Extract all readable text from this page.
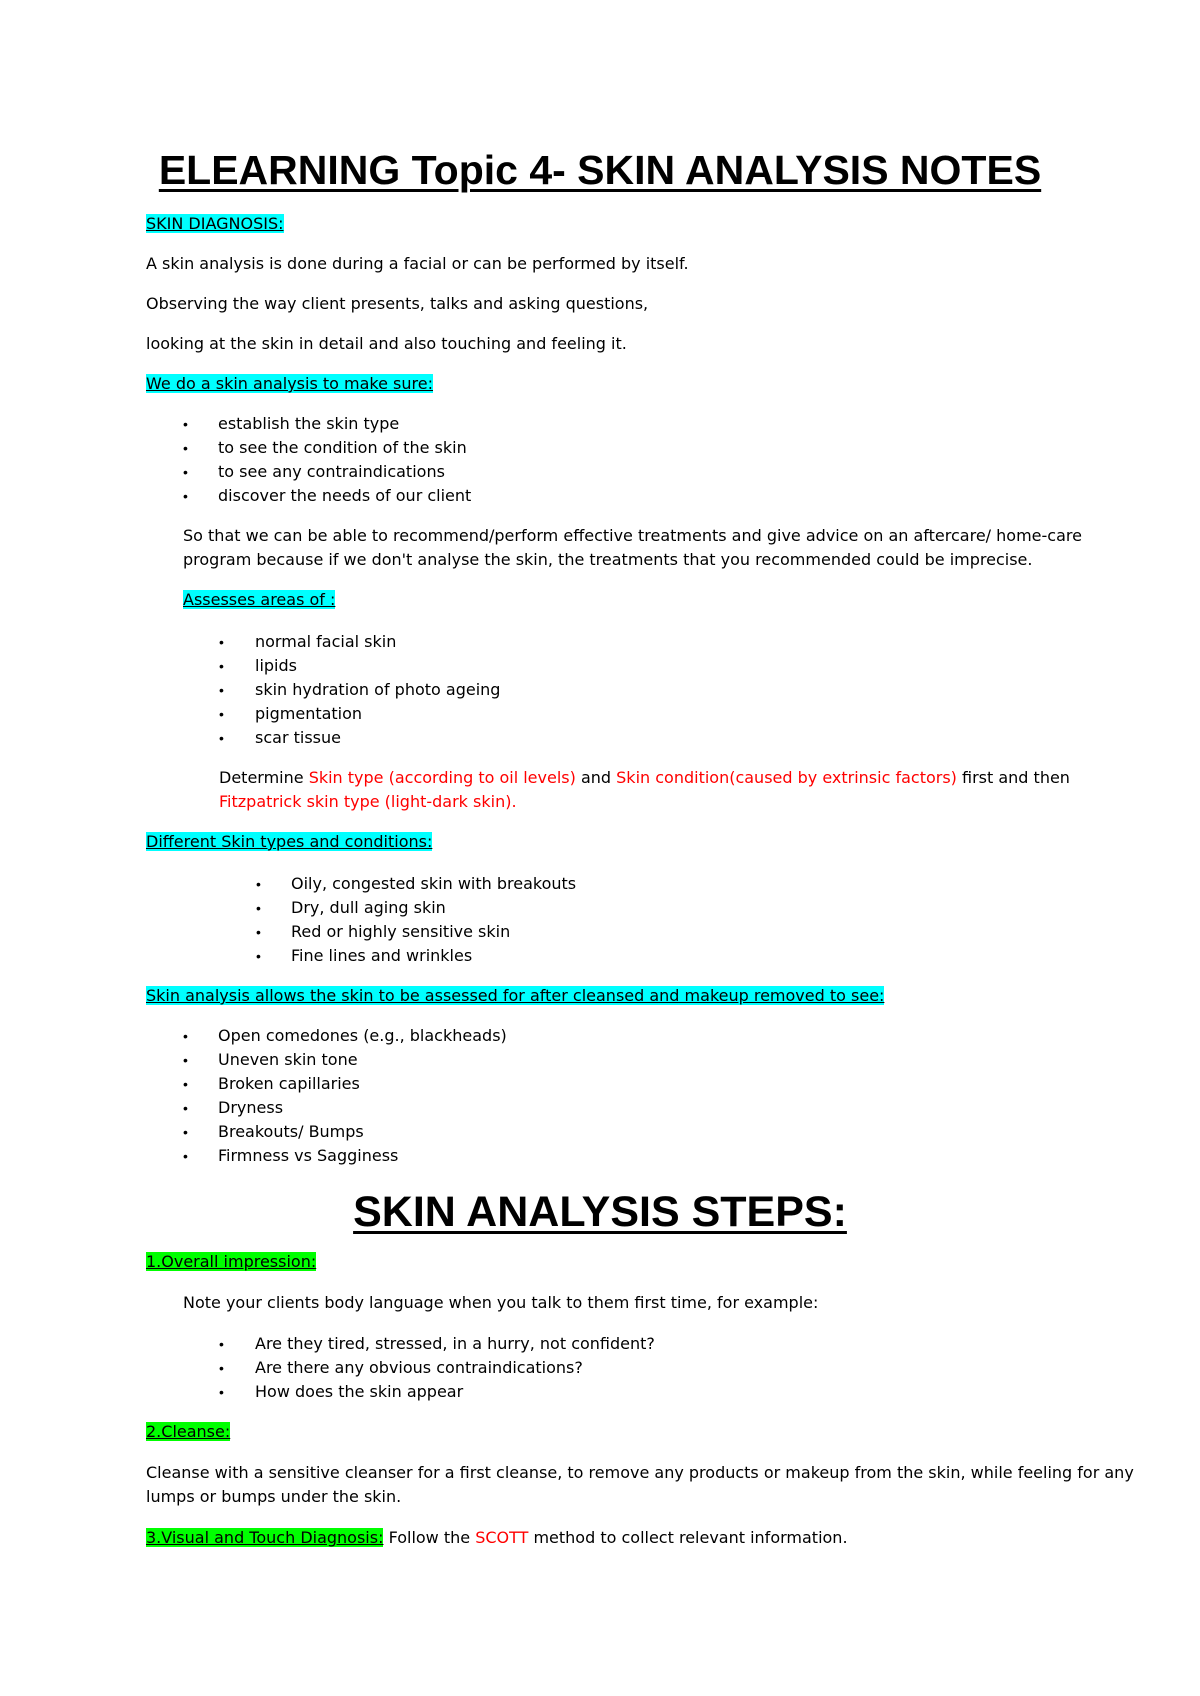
ELEARNING Topic 4- SKIN ANALYSIS NOTES

SKIN DIAGNOSIS:

A skin analysis is done during a facial or can be performed by itself.

Observing the way client presents, talks and asking questions,

looking at the skin in detail and also touching and feeling it.

We do a skin analysis to make sure:

• establish the skin type

• to see the condition of the skin

• to see any contraindications

• discover the needs of our client

So that we can be able to recommend/perform effective treatments and give advice on an aftercare/ home-care

program because if we don't analyse the skin, the treatments that you recommended could be imprecise.

Assesses areas of :

• normal facial skin

• lipids

• skin hydration of photo ageing

• pigmentation

• scar tissue

Determine Skin type (according to oil levels) and Skin condition(caused by extrinsic factors) first and then

Fitzpatrick skin type (light-dark skin).

Different Skin types and conditions:

• Oily, congested skin with breakouts

• Dry, dull aging skin

• Red or highly sensitive skin

• Fine lines and wrinkles

Skin analysis allows the skin to be assessed for after cleansed and makeup removed to see:

• Open comedones (e.g., blackheads)

• Uneven skin tone

• Broken capillaries

• Dryness

• Breakouts/ Bumps

• Firmness vs Sagginess

SKIN ANALYSIS STEPS:

1.Overall impression:

Note your clients body language when you talk to them first time, for example:

• Are they tired, stressed, in a hurry, not confident?

• Are there any obvious contraindications?

• How does the skin appear

2.Cleanse:

Cleanse with a sensitive cleanser for a first cleanse, to remove any products or makeup from the skin, while feeling for any

lumps or bumps under the skin.

3.Visual and Touch Diagnosis: Follow the SCOTT method to collect relevant information.
